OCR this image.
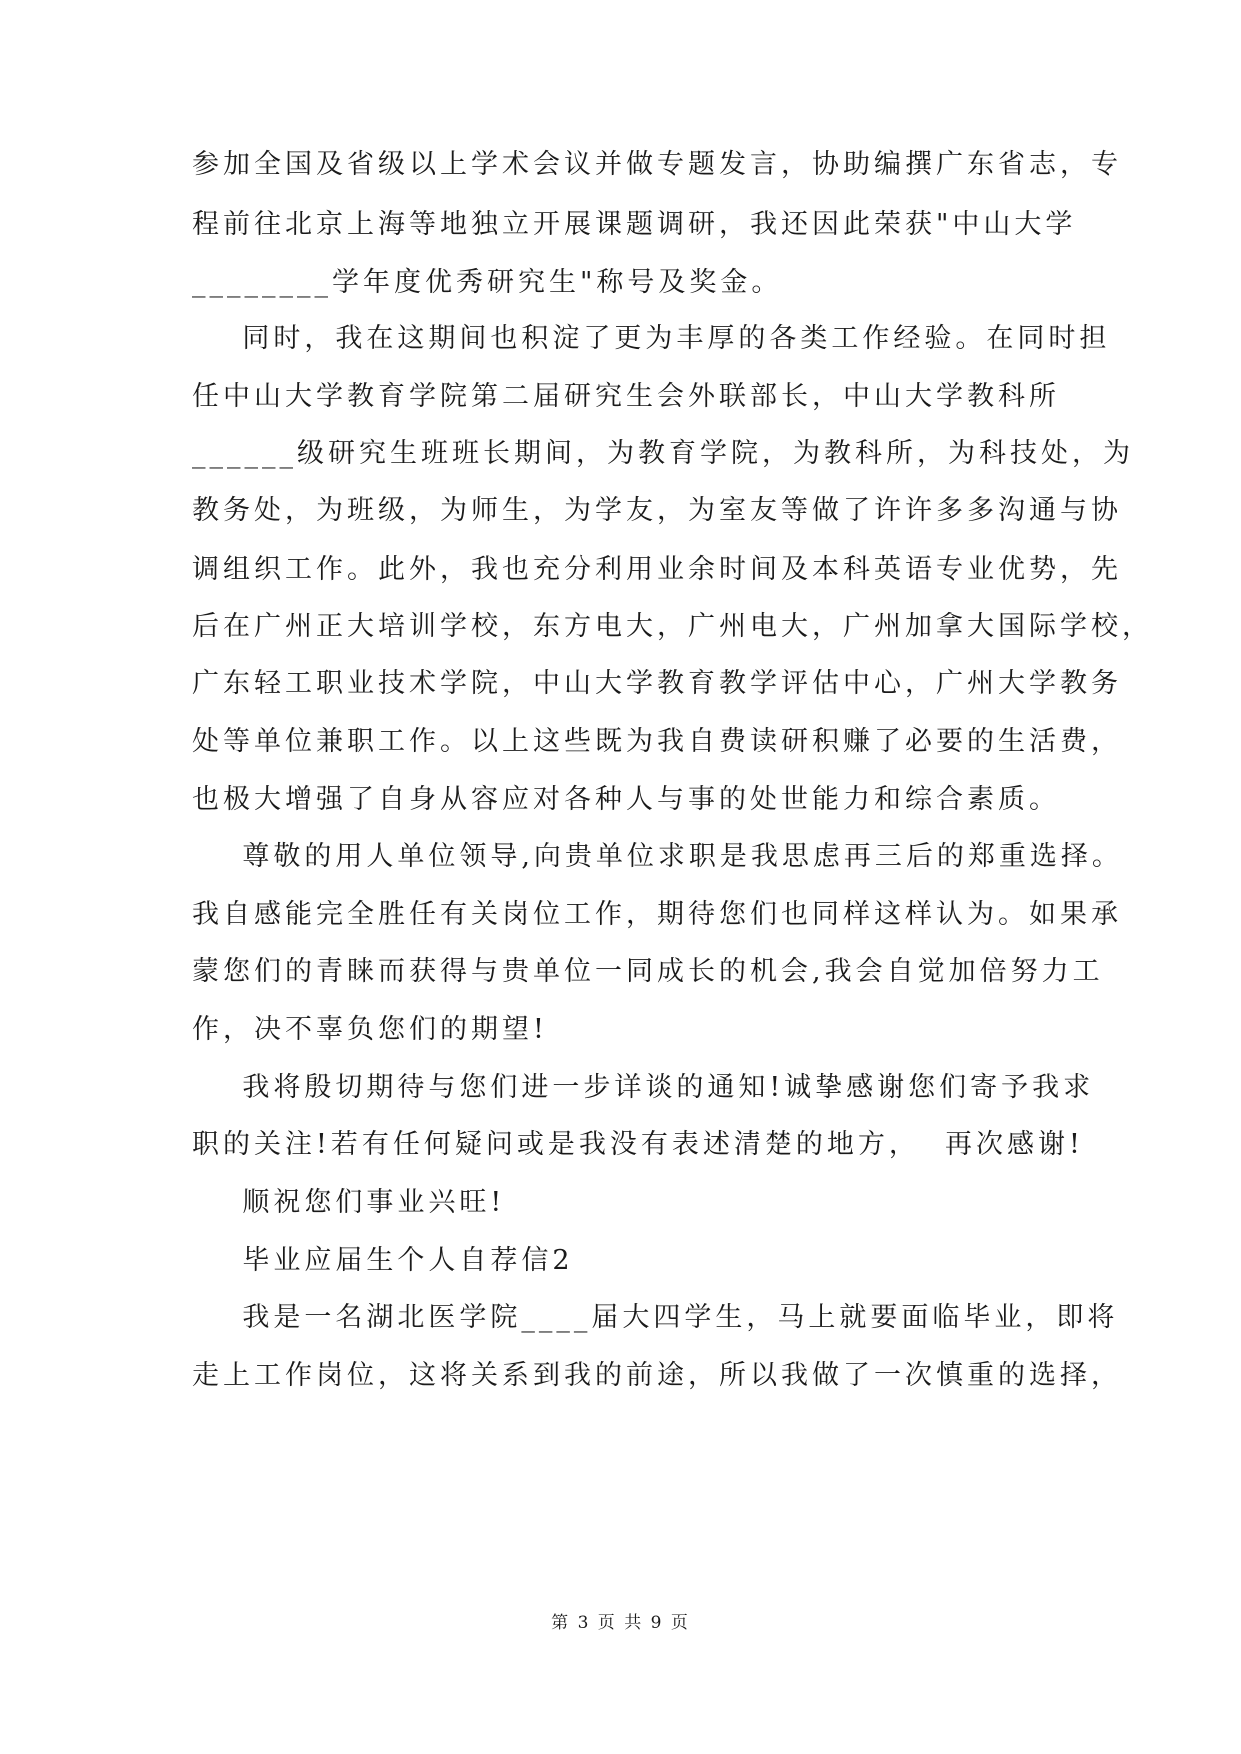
参加全国及省级以上学术会议并做专题发言，协助编撰广东省志，专
程前往北京上海等地独立开展课题调研，我还因此荣获"中山大学
________学年度优秀研究生"称号及奖金。
同时，我在这期间也积淀了更为丰厚的各类工作经验。在同时担
任中山大学教育学院第二届研究生会外联部长，中山大学教科所
______级研究生班班长期间，为教育学院，为教科所，为科技处，为
教务处，为班级，为师生，为学友，为室友等做了许许多多沟通与协
调组织工作。此外，我也充分利用业余时间及本科英语专业优势，先
后在广州正大培训学校，东方电大，广州电大，广州加拿大国际学校，
广东轻工职业技术学院，中山大学教育教学评估中心，广州大学教务
处等单位兼职工作。以上这些既为我自费读研积赚了必要的生活费，
也极大增强了自身从容应对各种人与事的处世能力和综合素质。
尊敬的用人单位领导,向贵单位求职是我思虑再三后的郑重选择。
我自感能完全胜任有关岗位工作，期待您们也同样这样认为。如果承
蒙您们的青睐而获得与贵单位一同成长的机会,我会自觉加倍努力工
作，决不辜负您们的期望!
我将殷切期待与您们进一步详谈的通知!诚挚感谢您们寄予我求
职的关注!若有任何疑问或是我没有表述清楚的地方，  再次感谢!
顺祝您们事业兴旺!
毕业应届生个人自荐信2
我是一名湖北医学院____届大四学生，马上就要面临毕业，即将
走上工作岗位，这将关系到我的前途，所以我做了一次慎重的选择，
第 3 页 共 9 页
